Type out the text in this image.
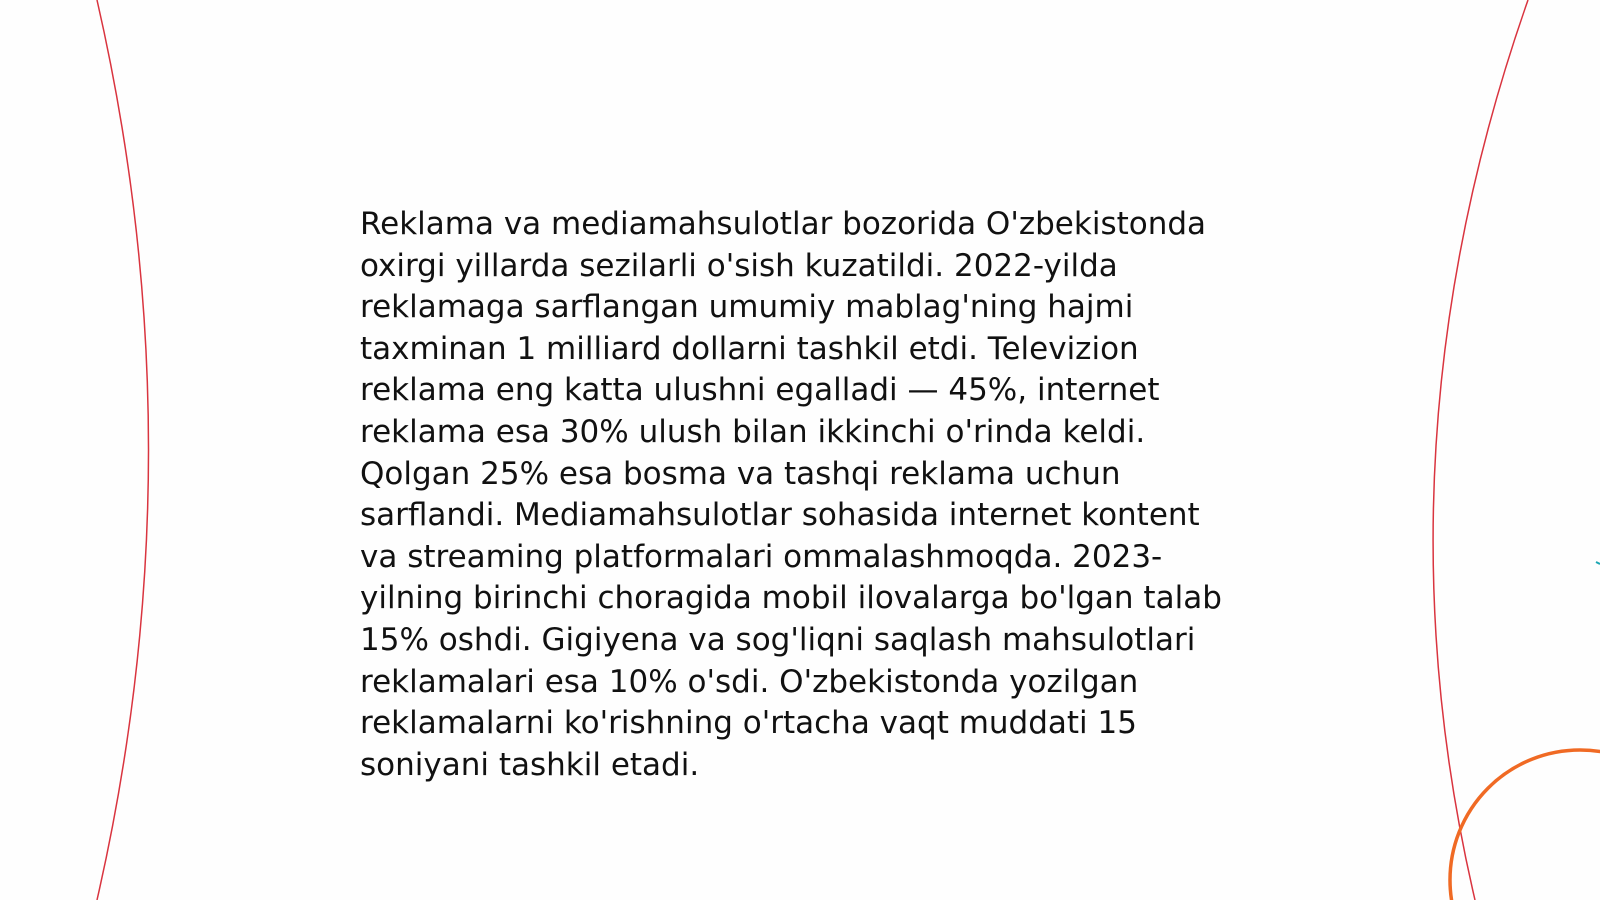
Reklama va mediamahsulotlar bozorida O'zbekistonda oxirgi yillarda sezilarli o'sish kuzatildi. 2022-yilda reklamaga sarflangan umumiy mablag'ning hajmi taxminan 1 milliard dollarni tashkil etdi. Televizion reklama eng katta ulushni egalladi — 45%, internet reklama esa 30% ulush bilan ikkinchi o'rinda keldi. Qolgan 25% esa bosma va tashqi reklama uchun sarflandi. Mediamahsulotlar sohasida internet kontent va streaming platformalari ommalashmoqda. 2023-yilning birinchi choragida mobil ilovalarga bo'lgan talab 15% oshdi. Gigiyena va sog'liqni saqlash mahsulotlari reklamalari esa 10% o'sdi. O'zbekistonda yozilgan reklamalarni ko'rishning o'rtacha vaqt muddati 15 soniyani tashkil etadi.
